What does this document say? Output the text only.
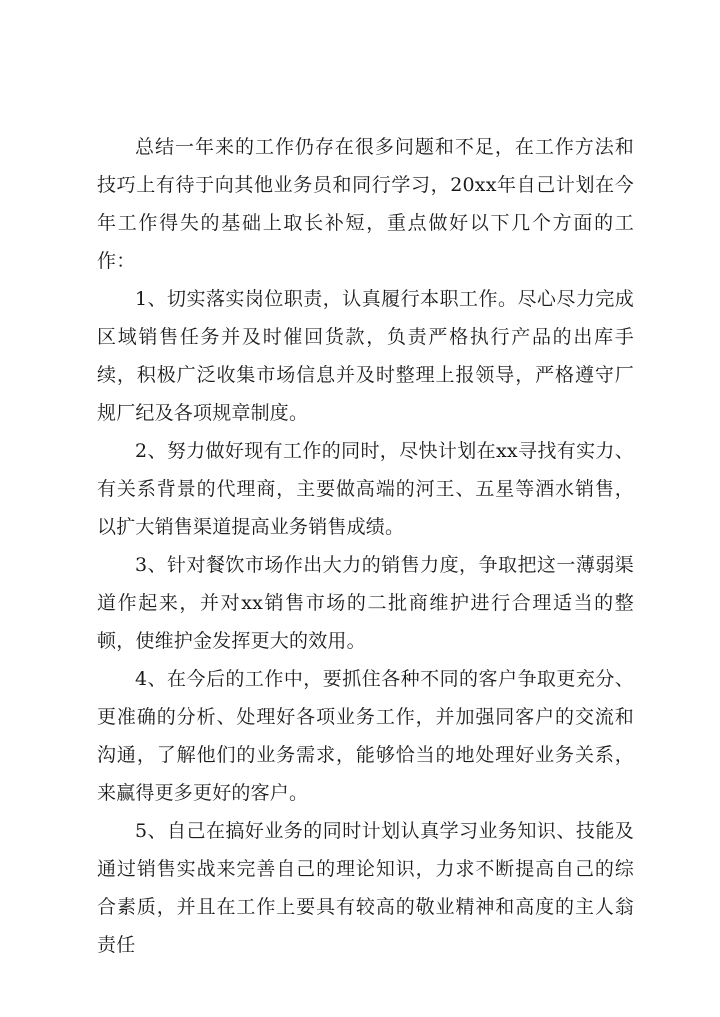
总结一年来的工作仍存在很多问题和不足，在工作方法和技巧上有待于向其他业务员和同行学习，20xx年自己计划在今年工作得失的基础上取长补短，重点做好以下几个方面的工作：

1、切实落实岗位职责，认真履行本职工作。尽心尽力完成区域销售任务并及时催回货款，负责严格执行产品的出库手续，积极广泛收集市场信息并及时整理上报领导，严格遵守厂规厂纪及各项规章制度。

2、努力做好现有工作的同时，尽快计划在xx寻找有实力、有关系背景的代理商，主要做高端的河王、五星等酒水销售，以扩大销售渠道提高业务销售成绩。

3、针对餐饮市场作出大力的销售力度，争取把这一薄弱渠道作起来，并对xx销售市场的二批商维护进行合理适当的整顿，使维护金发挥更大的效用。

4、在今后的工作中，要抓住各种不同的客户争取更充分、更准确的分析、处理好各项业务工作，并加强同客户的交流和沟通，了解他们的业务需求，能够恰当的地处理好业务关系，来赢得更多更好的客户。

5、自己在搞好业务的同时计划认真学习业务知识、技能及通过销售实战来完善自己的理论知识，力求不断提高自己的综合素质，并且在工作上要具有较高的敬业精神和高度的主人翁责任
